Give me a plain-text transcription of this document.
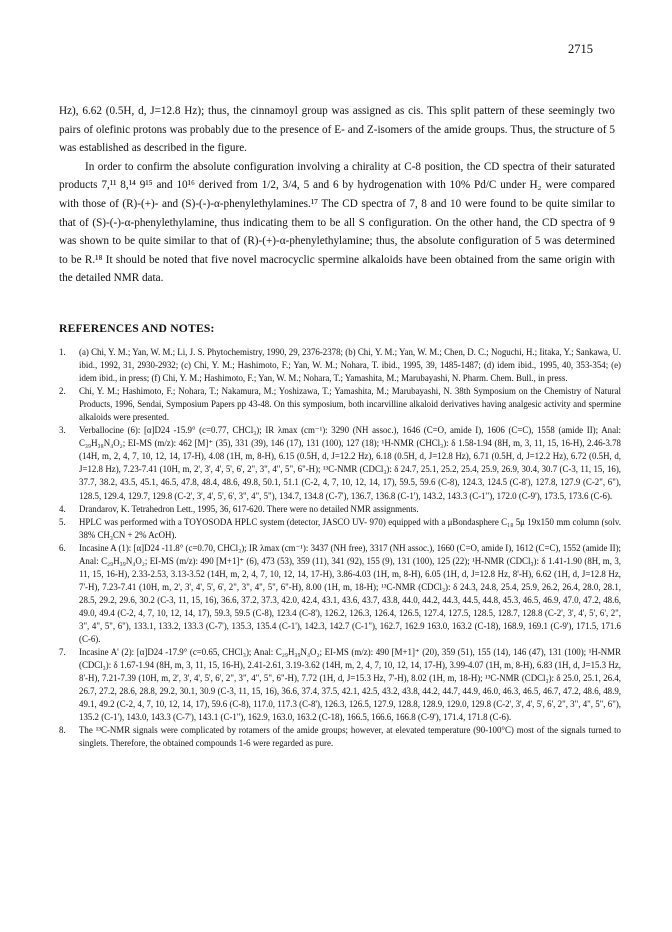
2715

Hz), 6.62 (0.5H, d, J=12.8 Hz); thus, the cinnamoyl group was assigned as cis. This split pattern of these seemingly two pairs of olefinic protons was probably due to the presence of E- and Z-isomers of the amide groups. Thus, the structure of 5 was established as described in the figure.

In order to confirm the absolute configuration involving a chirality at C-8 position, the CD spectra of their saturated products 7,¹¹ 8,¹⁴ 9¹⁵ and 10¹⁶ derived from 1/2, 3/4, 5 and 6 by hydrogenation with 10% Pd/C under H₂ were compared with those of (R)-(+)- and (S)-(-)-α-phenylethylamines.¹⁷ The CD spectra of 7, 8 and 10 were found to be quite similar to that of (S)-(-)-α-phenylethylamine, thus indicating them to be all S configuration. On the other hand, the CD spectra of 9 was shown to be quite similar to that of (R)-(+)-α-phenylethylamine; thus, the absolute configuration of 5 was determined to be R.¹⁸ It should be noted that five novel macrocyclic spermine alkaloids have been obtained from the same origin with the detailed NMR data.

REFERENCES AND NOTES:
1.	(a) Chi, Y. M.; Yan, W. M.; Li, J. S. Phytochemistry, 1990, 29, 2376-2378; (b) Chi, Y. M.; Yan, W. M.; Chen, D. C.; Noguchi, H.; Iitaka, Y.; Sankawa, U. ibid., 1992, 31, 2930-2932; (c) Chi, Y. M.; Hashimoto, F.; Yan, W. M.; Nohara, T. ibid., 1995, 39, 1485-1487; (d) idem ibid., 1995, 40, 353-354; (e) idem ibid., in press; (f) Chi, Y. M.; Hashimoto, F.; Yan, W. M.; Nohara, T.; Yamashita, M.; Marubayashi, N. Pharm. Chem. Bull., in press.
2.	Chi, Y. M.; Hashimoto, F.; Nohara, T.; Nakamura, M.; Yoshizawa, T.; Yamashita, M.; Marubayashi, N. 38th Symposium on the Chemistry of Natural Products, 1996, Sendai, Symposium Papers pp 43-48. On this symposium, both incarvilline alkaloid derivatives having analgesic activity and spermine alkaloids were presented.
3.	Verballocine (6): [α]D24 -15.9° (c=0.77, CHCl₃); IR λmax (cm⁻¹): 3290 (NH assoc.), 1646 (C=O, amide I), 1606 (C=C), 1558 (amide II); Anal: C₃₉H₃₈N₄O₂; EI-MS (m/z): 462 [M]⁺ (35), 331 (39), 146 (17), 131 (100), 127 (18); ¹H-NMR (CHCl₃): δ 1.58-1.94 (8H, m, 3, 11, 15, 16-H), 2.46-3.78 (14H, m, 2, 4, 7, 10, 12, 14, 17-H), 4.08 (1H, m, 8-H), 6.15 (0.5H, d, J=12.2 Hz), 6.18 (0.5H, d, J=12.8 Hz), 6.71 (0.5H, d, J=12.2 Hz), 6.72 (0.5H, d, J=12.8 Hz), 7.23-7.41 (10H, m, 2', 3', 4', 5', 6', 2", 3", 4", 5", 6"-H); ¹³C-NMR (CDCl₃): δ 24.7, 25.1, 25.2, 25.4, 25.9, 26.9, 30.4, 30.7 (C-3, 11, 15, 16), 37.7, 38.2, 43.5, 45.1, 46.5, 47.8, 48.4, 48.6, 49.8, 50.1, 51.1 (C-2, 4, 7, 10, 12, 14, 17), 59.5, 59.6 (C-8), 124.3, 124.5 (C-8'), 127.8, 127.9 (C-2", 6"), 128.5, 129.4, 129.7, 129.8 (C-2', 3', 4', 5', 6', 3", 4", 5"), 134.7, 134.8 (C-7'), 136.7, 136.8 (C-1'), 143.2, 143.3 (C-1"), 172.0 (C-9'), 173.5, 173.6 (C-6).
4.	Drandarov, K. Tetrahedron Lett., 1995, 36, 617-620. There were no detailed NMR assignments.
5.	HPLC was performed with a TOYOSODA HPLC system (detector, JASCO UV- 970) equipped with a μBondasphere C₁₈ 5μ 19x150 mm column (solv. 38% CH₃CN + 2% AcOH).
6.	Incasine A (1): [α]D24 -11.8° (c=0.70, CHCl₃); IR λmax (cm⁻¹): 3437 (NH free), 3317 (NH assoc.), 1660 (C=O, amide I), 1612 (C=C), 1552 (amide II); Anal: C₂₉H₃₉N₄O₂; EI-MS (m/z): 490 [M+1]⁺ (6), 473 (53), 359 (11), 341 (92), 155 (9), 131 (100), 125 (22); ¹H-NMR (CDCl₃): δ 1.41-1.90 (8H, m, 3, 11, 15, 16-H), 2.33-2.53, 3.13-3.52 (14H, m, 2, 4, 7, 10, 12, 14, 17-H), 3.86-4.03 (1H, m, 8-H), 6.05 (1H, d, J=12.8 Hz, 8'-H), 6.62 (1H, d, J=12.8 Hz, 7'-H), 7.23-7.41 (10H, m, 2', 3', 4', 5', 6', 2", 3", 4", 5", 6"-H), 8.00 (1H, m, 18-H); ¹³C-NMR (CDCl₃): δ 24.3, 24.8, 25.4, 25.9, 26.2, 26.4, 28.0, 28.1, 28.5, 29.2, 29.6, 30.2 (C-3, 11, 15, 16), 36.6, 37.2, 37.3, 42.0, 42.4, 43.1, 43.6, 43.7, 43.8, 44.0, 44.2, 44.3, 44.5, 44.8, 45.3, 46.5, 46.9, 47.0, 47.2, 48.6, 49.0, 49.4 (C-2, 4, 7, 10, 12, 14, 17), 59.3, 59.5 (C-8), 123.4 (C-8'), 126.2, 126.3, 126.4, 126.5, 127.4, 127.5, 128.5, 128.7, 128.8 (C-2', 3', 4', 5', 6', 2", 3", 4", 5", 6"), 133.1, 133.2, 133.3 (C-7'), 135.3, 135.4 (C-1'), 142.3, 142.7 (C-1"), 162.7, 162.9 163.0, 163.2 (C-18), 168.9, 169.1 (C-9'), 171.5, 171.6 (C-6).
7.	Incasine A' (2): [α]D24 -17.9° (c=0.65, CHCl₃); Anal: C₂₉H₃₉N₄O₂; EI-MS (m/z): 490 [M+1]⁺ (20), 359 (51), 155 (14), 146 (47), 131 (100); ¹H-NMR (CDCl₃): δ 1.67-1.94 (8H, m, 3, 11, 15, 16-H), 2.41-2.61, 3.19-3.62 (14H, m, 2, 4, 7, 10, 12, 14, 17-H), 3.99-4.07 (1H, m, 8-H), 6.83 (1H, d, J=15.3 Hz, 8'-H), 7.21-7.39 (10H, m, 2', 3', 4', 5', 6', 2", 3", 4", 5", 6"-H), 7.72 (1H, d, J=15.3 Hz, 7'-H), 8.02 (1H, m, 18-H); ¹³C-NMR (CDCl₃): δ 25.0, 25.1, 26.4, 26.7, 27.2, 28.6, 28.8, 29.2, 30.1, 30.9 (C-3, 11, 15, 16), 36.6, 37.4, 37.5, 42.1, 42.5, 43.2, 43.8, 44.2, 44.7, 44.9, 46.0, 46.3, 46.5, 46.7, 47.2, 48.6, 48.9, 49.1, 49.2 (C-2, 4, 7, 10, 12, 14, 17), 59.6 (C-8), 117.0, 117.3 (C-8'), 126.3, 126.5, 127.9, 128.8, 128.9, 129.0, 129.8 (C-2', 3', 4', 5', 6', 2", 3", 4", 5", 6"), 135.2 (C-1'), 143.0, 143.3 (C-7'), 143.1 (C-1"), 162.9, 163.0, 163.2 (C-18), 166.5, 166.6, 166.8 (C-9'), 171.4, 171.8 (C-6).
8.	The ¹³C-NMR signals were complicated by rotamers of the amide groups; however, at elevated temperature (90-100°C) most of the signals turned to singlets. Therefore, the obtained compounds 1-6 were regarded as pure.
